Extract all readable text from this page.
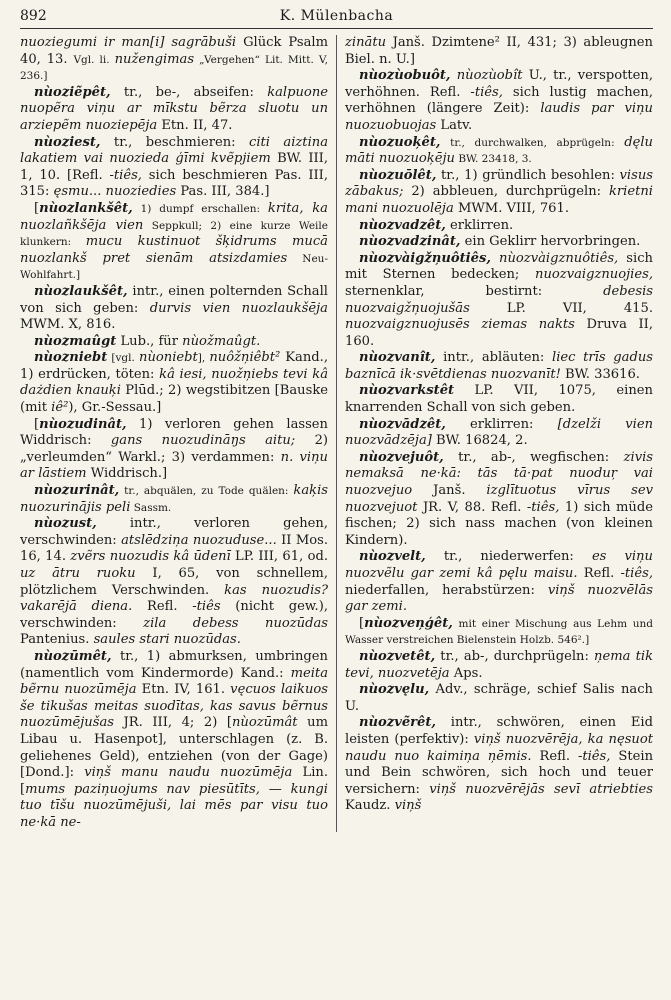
892	K. Mülenbacha

nuoziegumi ir man[i] sagrābuši Glück Psalm 40, 13. Vgl. li. nužengimas „Vergehen“ Lit. Mitt. V, 236.]

nùoziẽpêt, tr., be-, abseifen: kalpuone nuopẽra viņu ar mīkstu bẽrza sluotu un arziepẽm nuoziepēja Etn. II, 47.

nùoziest, tr., beschmieren: citi aiztina lakatiem vai nuozieda ģīmi kvẽpjiem BW. III, 1, 10. [Refl. -tiês, sich beschmieren Pas. III, 315: ęsmu... nuoziedies Pas. III, 384.]

[nùozlankšêt, 1) dumpf erschallen: krita, ka nuozlañkšēja vien Seppkull; 2) eine kurze Weile klunkern: mucu kustinuot šķidrums mucā nuozlankš pret sienām atsizdamies Neu-Wohlfahrt.]

nùozlaukšêt, intr., einen polternden Schall von sich geben: durvis vien nuozlaukšēja MWM. X, 816.

nùozmaûgt Lub., für nùožmaûgt.

nùozniebt [vgl. nùoniebt], nuôžņiêbt² Kand., 1) erdrücken, töten: kâ iesi, nuožņiebs tevi kâ dażdien knauķi Plūd.; 2) wegstibitzen [Bauske (mit iê²), Gr.-Sessau.]

[nùozudinât, 1) verloren gehen lassen Widdrisch: gans nuozudināŋs aitu; 2) „verleumden“ Warkl.; 3) verdammen: n. viņu ar lāstiem Widdrisch.]

nùozurinât, tr., abquälen, zu Tode quälen: kaķis nuozurinājis peli Sassm.

nùozust, intr., verloren gehen, verschwinden: atslēdziņa nuozuduse... II Mos. 16, 14. zvẽrs nuozudis kâ ūdenī LP. III, 61, od. uz ātru ruoku I, 65, von schnellem, plötzlichem Verschwinden. kas nuozudis? vakarējā diena. Refl. -tiês (nicht gew.), verschwinden: zila debess nuozūdas Pantenius. saules stari nuozūdas.

nùozūmêt, tr., 1) abmurksen, umbringen (namentlich vom Kindermorde) Kand.: meita bẽrnu nuozūmēja Etn. IV, 161. vęcuos laikuos še tikušas meitas suodītas, kas savus bẽrnus nuozūmējušas JR. III, 4; 2) [nùozūmât um Libau u. Hasenpot], unterschlagen (z. B. geliehenes Geld), entziehen (von der Gage) [Dond.]: viņš manu naudu nuozūmēja Lin. [mums paziņuojums nav piesūtīts, — kungi tuo tīšu nuozūmējuši, lai mēs par visu tuo ne·kā ne-

zinātu Janš. Dzimtene² II, 431; 3) ableugnen Biel. n. U.]

nùozùobuôt, nùozùobît U., tr., verspotten, verhöhnen. Refl. -tiês, sich lustig machen, verhöhnen (längere Zeit): laudis par viņu nuozuobuojas Latv.

nùozuoķêt, tr., durchwalken, abprügeln: dęlu māti nuozuoķēju BW. 23418, 3.

nùozuōlêt, tr., 1) gründlich besohlen: visus zābakus; 2) abbleuen, durchprügeln: krietni mani nuozuolēja MWM. VIII, 761.

nùozvadzêt, erklirren.

nùozvadzinât, ein Geklirr hervorbringen.

nùozvàigžņuôtiês, nùozvàigznuôtiês, sich mit Sternen bedecken; nuozvaigznuojies, sternenklar, bestirnt: debesis nuozvaigžņuojušās LP. VII, 415. nuozvaigznuojusēs ziemas nakts Druva II, 160.

nùozvanît, intr., abläuten: liec trīs gadus baznīcā ik·svētdienas nuozvanīt! BW. 33616.

nùozvarkstêt LP. VII, 1075, einen knarrenden Schall von sich geben.

nùozvādzêt, erklirren: [dzelži vien nuozvādzēja] BW. 16824, 2.

nùozvejuôt, tr., ab-, wegfischen: zivis nemaksā ne·kā: tās tā·pat nuoduŗ vai nuozvejuo Janš. izglītuotus vīrus sev nuozvejuot JR. V, 88. Refl. -tiês, 1) sich müde fischen; 2) sich nass machen (von kleinen Kindern).

nùozvelt, tr., niederwerfen: es viņu nuozvẽlu gar zemi kâ pęlu maisu. Refl. -tiês, niederfallen, herabstürzen: viņš nuozvēlās gar zemi.

[nùozveņģêt, mit einer Mischung aus Lehm und Wasser verstreichen Bielenstein Holzb. 546².]

nùozvetêt, tr., ab-, durchprügeln: ņema tik tevi, nuozvetēja Aps.

nùozvęlu, Adv., schräge, schief Salis nach U.

nùozvẽrêt, intr., schwören, einen Eid leisten (perfektiv): viņš nuozvērēja, ka nęsuot naudu nuo kaimiņa ņēmis. Refl. -tiês, Stein und Bein schwören, sich hoch und teuer versichern: viņš nuozvērējās sevī atriebties Kaudz. viņš
